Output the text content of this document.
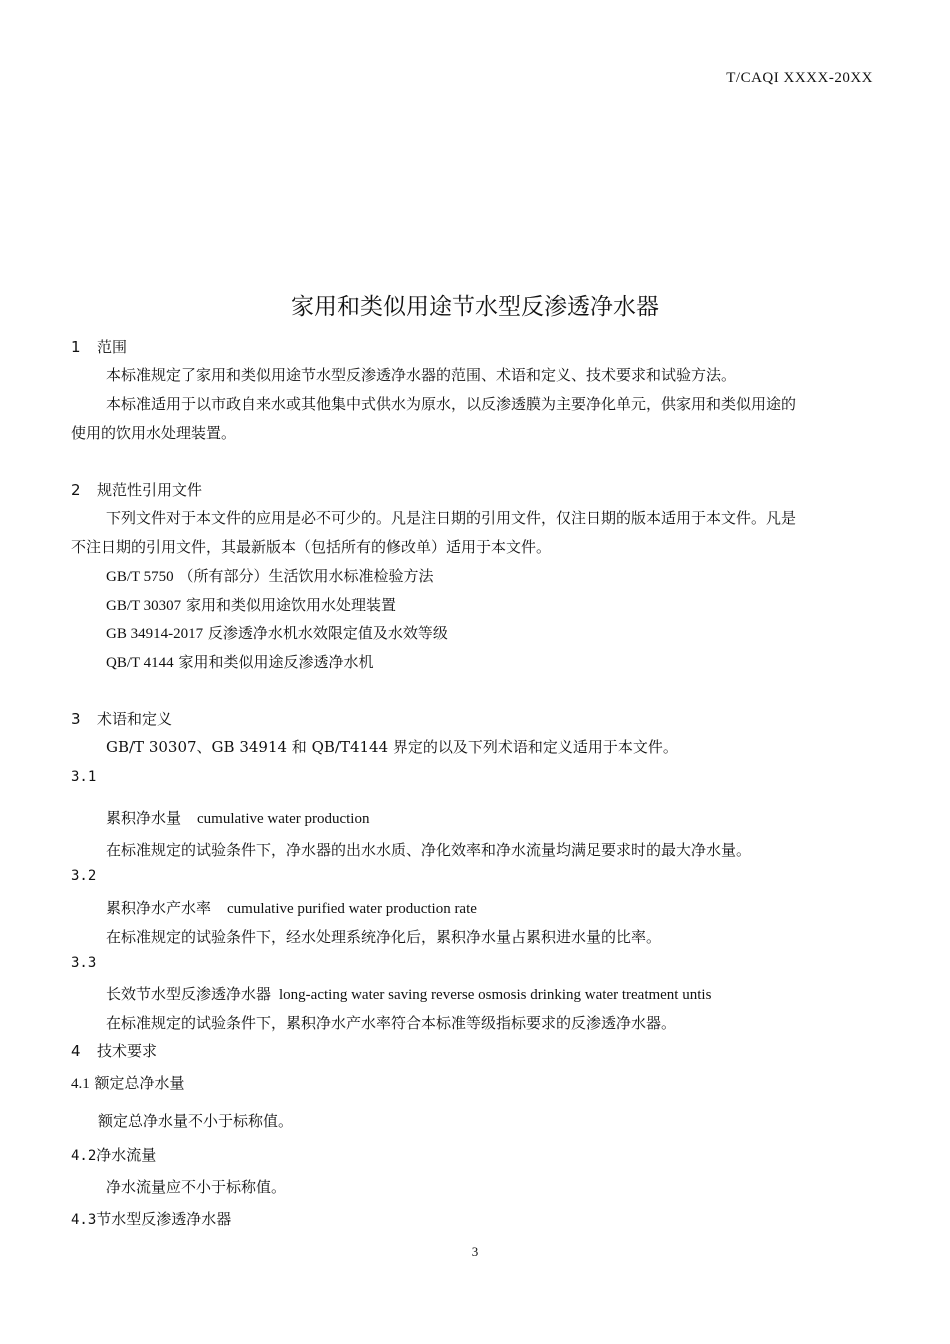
T/CAQI XXXX-20XX
家用和类似用途节水型反渗透净水器
1 范围
本标准规定了家用和类似用途节水型反渗透净水器的范围、术语和定义、技术要求和试验方法。
本标准适用于以市政自来水或其他集中式供水为原水，以反渗透膜为主要净化单元，供家用和类似用途的
使用的饮用水处理装置。
2 规范性引用文件
下列文件对于本文件的应用是必不可少的。凡是注日期的引用文件，仅注日期的版本适用于本文件。凡是
不注日期的引用文件，其最新版本（包括所有的修改单）适用于本文件。
GB/T 5750 （所有部分）生活饮用水标准检验方法
GB/T 30307 家用和类似用途饮用水处理装置
GB 34914-2017 反渗透净水机水效限定值及水效等级
QB/T 4144 家用和类似用途反渗透净水机
3 术语和定义
GB/T 30307、GB 34914 和 QB/T4144 界定的以及下列术语和定义适用于本文件。
3.1
累积净水量 cumulative water production
在标准规定的试验条件下，净水器的出水水质、净化效率和净水流量均满足要求时的最大净水量。
3.2
累积净水产水率 cumulative purified water production rate
在标准规定的试验条件下，经水处理系统净化后，累积净水量占累积进水量的比率。
3.3
长效节水型反渗透净水器 long-acting water saving reverse osmosis drinking water treatment untis
在标准规定的试验条件下，累积净水产水率符合本标准等级指标要求的反渗透净水器。
4 技术要求
4.1 额定总净水量
额定总净水量不小于标称值。
4.2净水流量
净水流量应不小于标称值。
4.3节水型反渗透净水器
3
